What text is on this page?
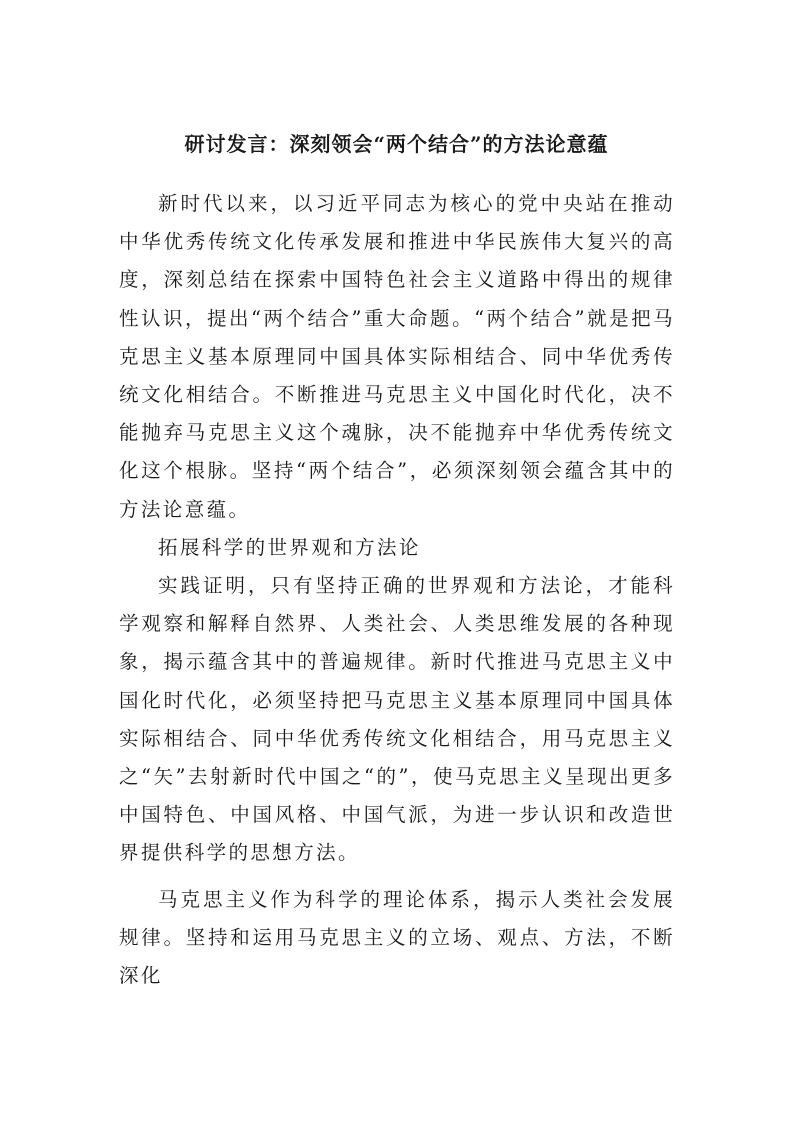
研讨发言：深刻领会“两个结合”的方法论意蕴

新时代以来，以习近平同志为核心的党中央站在推动中华优秀传统文化传承发展和推进中华民族伟大复兴的高度，深刻总结在探索中国特色社会主义道路中得出的规律性认识，提出“两个结合”重大命题。“两个结合”就是把马克思主义基本原理同中国具体实际相结合、同中华优秀传统文化相结合。不断推进马克思主义中国化时代化，决不能抛弃马克思主义这个魂脉，决不能抛弃中华优秀传统文化这个根脉。坚持“两个结合”，必须深刻领会蕴含其中的方法论意蕴。

拓展科学的世界观和方法论

实践证明，只有坚持正确的世界观和方法论，才能科学观察和解释自然界、人类社会、人类思维发展的各种现象，揭示蕴含其中的普遍规律。新时代推进马克思主义中国化时代化，必须坚持把马克思主义基本原理同中国具体实际相结合、同中华优秀传统文化相结合，用马克思主义之“矢”去射新时代中国之“的”，使马克思主义呈现出更多中国特色、中国风格、中国气派，为进一步认识和改造世界提供科学的思想方法。

马克思主义作为科学的理论体系，揭示人类社会发展规律。坚持和运用马克思主义的立场、观点、方法，不断深化
